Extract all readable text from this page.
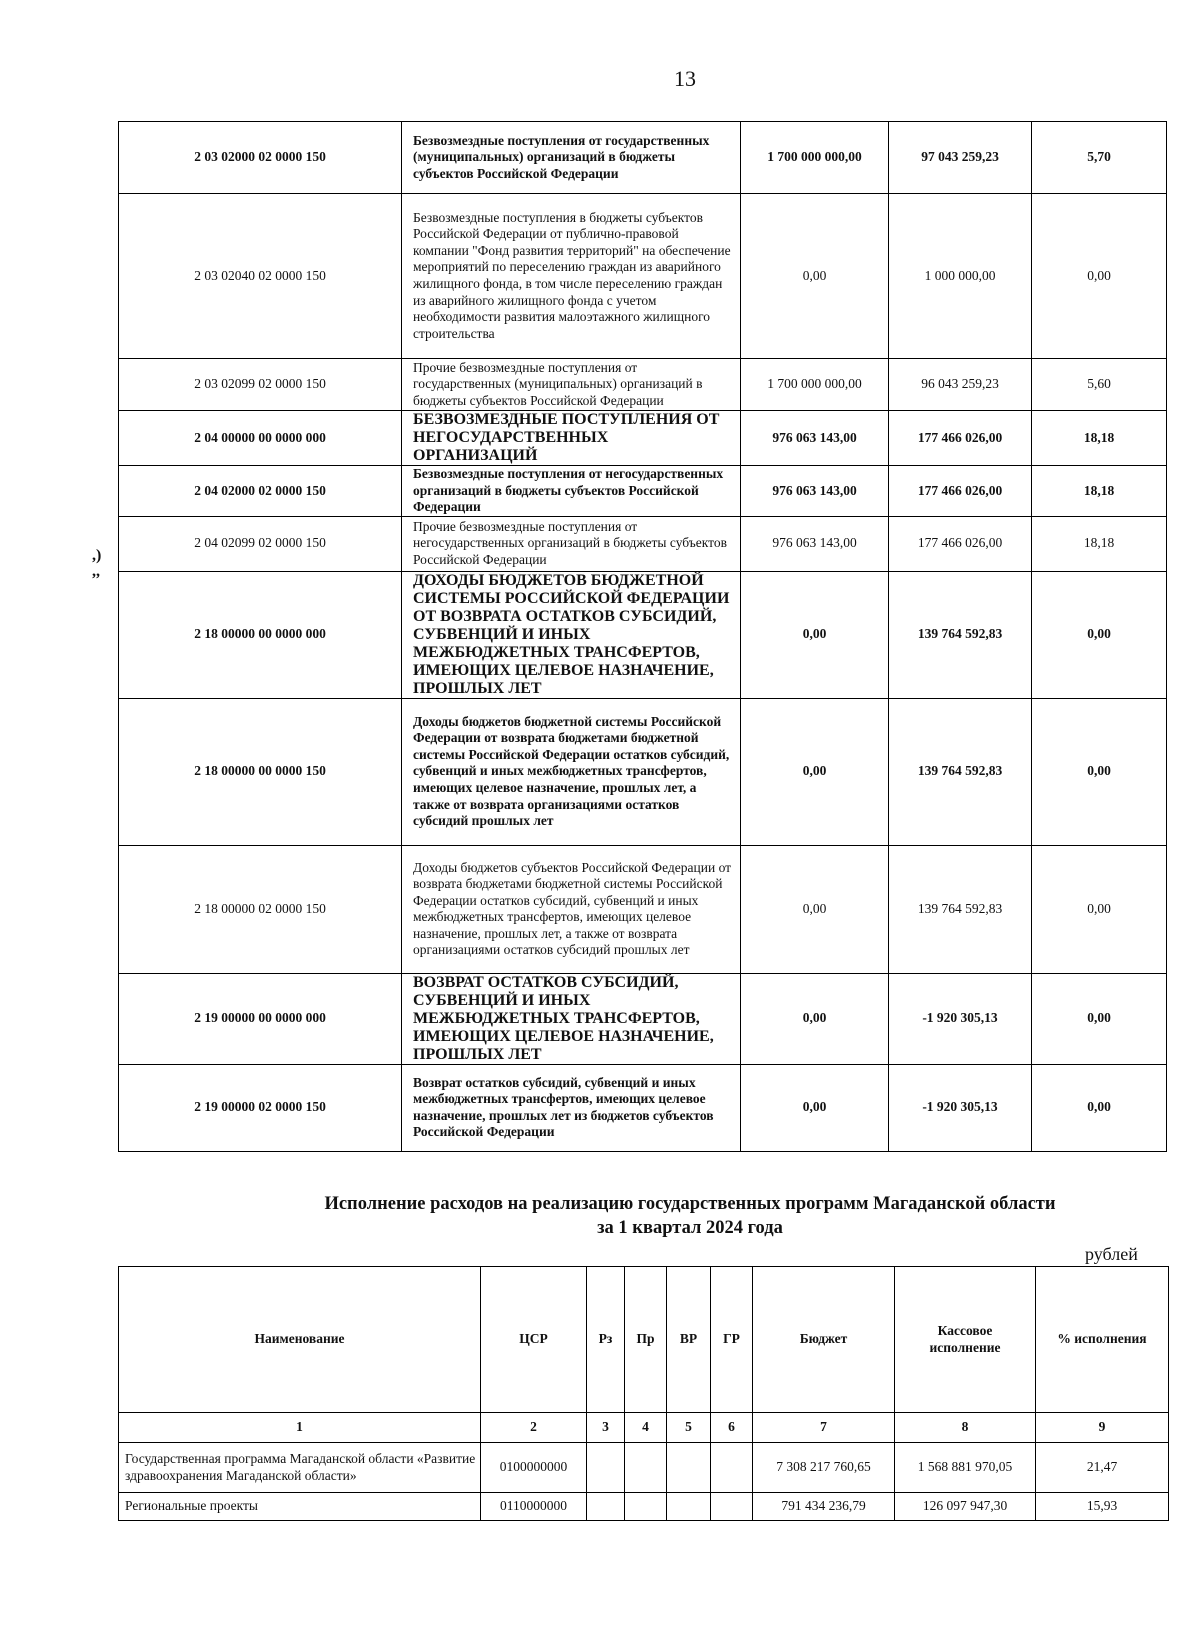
13
,)
,,
2 03 02000 02 0000 150	Безвозмездные поступления от государственных (муниципальных) организаций в бюджеты субъектов Российской Федерации	1 700 000 000,00	97 043 259,23	5,70
2 03 02040 02 0000 150	Безвозмездные поступления в бюджеты субъектов Российской Федерации от публично-правовой компании "Фонд развития территорий" на обеспечение мероприятий по переселению граждан из аварийного жилищного фонда, в том числе переселению граждан из аварийного жилищного фонда с учетом необходимости развития малоэтажного жилищного строительства	0,00	1 000 000,00	0,00
2 03 02099 02 0000 150	Прочие безвозмездные поступления от государственных (муниципальных) организаций в бюджеты субъектов Российской Федерации	1 700 000 000,00	96 043 259,23	5,60
2 04 00000 00 0000 000	БЕЗВОЗМЕЗДНЫЕ ПОСТУПЛЕНИЯ ОТ НЕГОСУДАРСТВЕННЫХ ОРГАНИЗАЦИЙ	976 063 143,00	177 466 026,00	18,18
2 04 02000 02 0000 150	Безвозмездные поступления от негосударственных организаций в бюджеты субъектов Российской Федерации	976 063 143,00	177 466 026,00	18,18
2 04 02099 02 0000 150	Прочие безвозмездные поступления от негосударственных организаций в бюджеты субъектов Российской Федерации	976 063 143,00	177 466 026,00	18,18
2 18 00000 00 0000 000	ДОХОДЫ БЮДЖЕТОВ БЮДЖЕТНОЙ СИСТЕМЫ РОССИЙСКОЙ ФЕДЕРАЦИИ ОТ ВОЗВРАТА ОСТАТКОВ СУБСИДИЙ, СУБВЕНЦИЙ И ИНЫХ МЕЖБЮДЖЕТНЫХ ТРАНСФЕРТОВ, ИМЕЮЩИХ ЦЕЛЕВОЕ НАЗНАЧЕНИЕ, ПРОШЛЫХ ЛЕТ	0,00	139 764 592,83	0,00
2 18 00000 00 0000 150	Доходы бюджетов бюджетной системы Российской Федерации от возврата бюджетами бюджетной системы Российской Федерации остатков субсидий, субвенций и иных межбюджетных трансфертов, имеющих целевое назначение, прошлых лет, а также от возврата организациями остатков субсидий прошлых лет	0,00	139 764 592,83	0,00
2 18 00000 02 0000 150	Доходы бюджетов субъектов Российской Федерации от возврата бюджетами бюджетной системы Российской Федерации остатков субсидий, субвенций и иных межбюджетных трансфертов, имеющих целевое назначение, прошлых лет, а также от возврата организациями остатков субсидий прошлых лет	0,00	139 764 592,83	0,00
2 19 00000 00 0000 000	ВОЗВРАТ ОСТАТКОВ СУБСИДИЙ, СУБВЕНЦИЙ И ИНЫХ МЕЖБЮДЖЕТНЫХ ТРАНСФЕРТОВ, ИМЕЮЩИХ ЦЕЛЕВОЕ НАЗНАЧЕНИЕ, ПРОШЛЫХ ЛЕТ	0,00	-1 920 305,13	0,00
2 19 00000 02 0000 150	Возврат остатков субсидий, субвенций и иных межбюджетных трансфертов, имеющих целевое назначение, прошлых лет из бюджетов субъектов Российской Федерации	0,00	-1 920 305,13	0,00
Исполнение расходов на реализацию государственных программ Магаданской области
за 1 квартал 2024 года
рублей
Наименование	ЦСР	Рз	Пр	ВР	ГР	Бюджет	Кассовое исполнение	% исполнения
1	2	3	4	5	6	7	8	9
Государственная программа Магаданской области «Развитие здравоохранения Магаданской области»	0100000000					7 308 217 760,65	1 568 881 970,05	21,47
Региональные проекты	0110000000					791 434 236,79	126 097 947,30	15,93
